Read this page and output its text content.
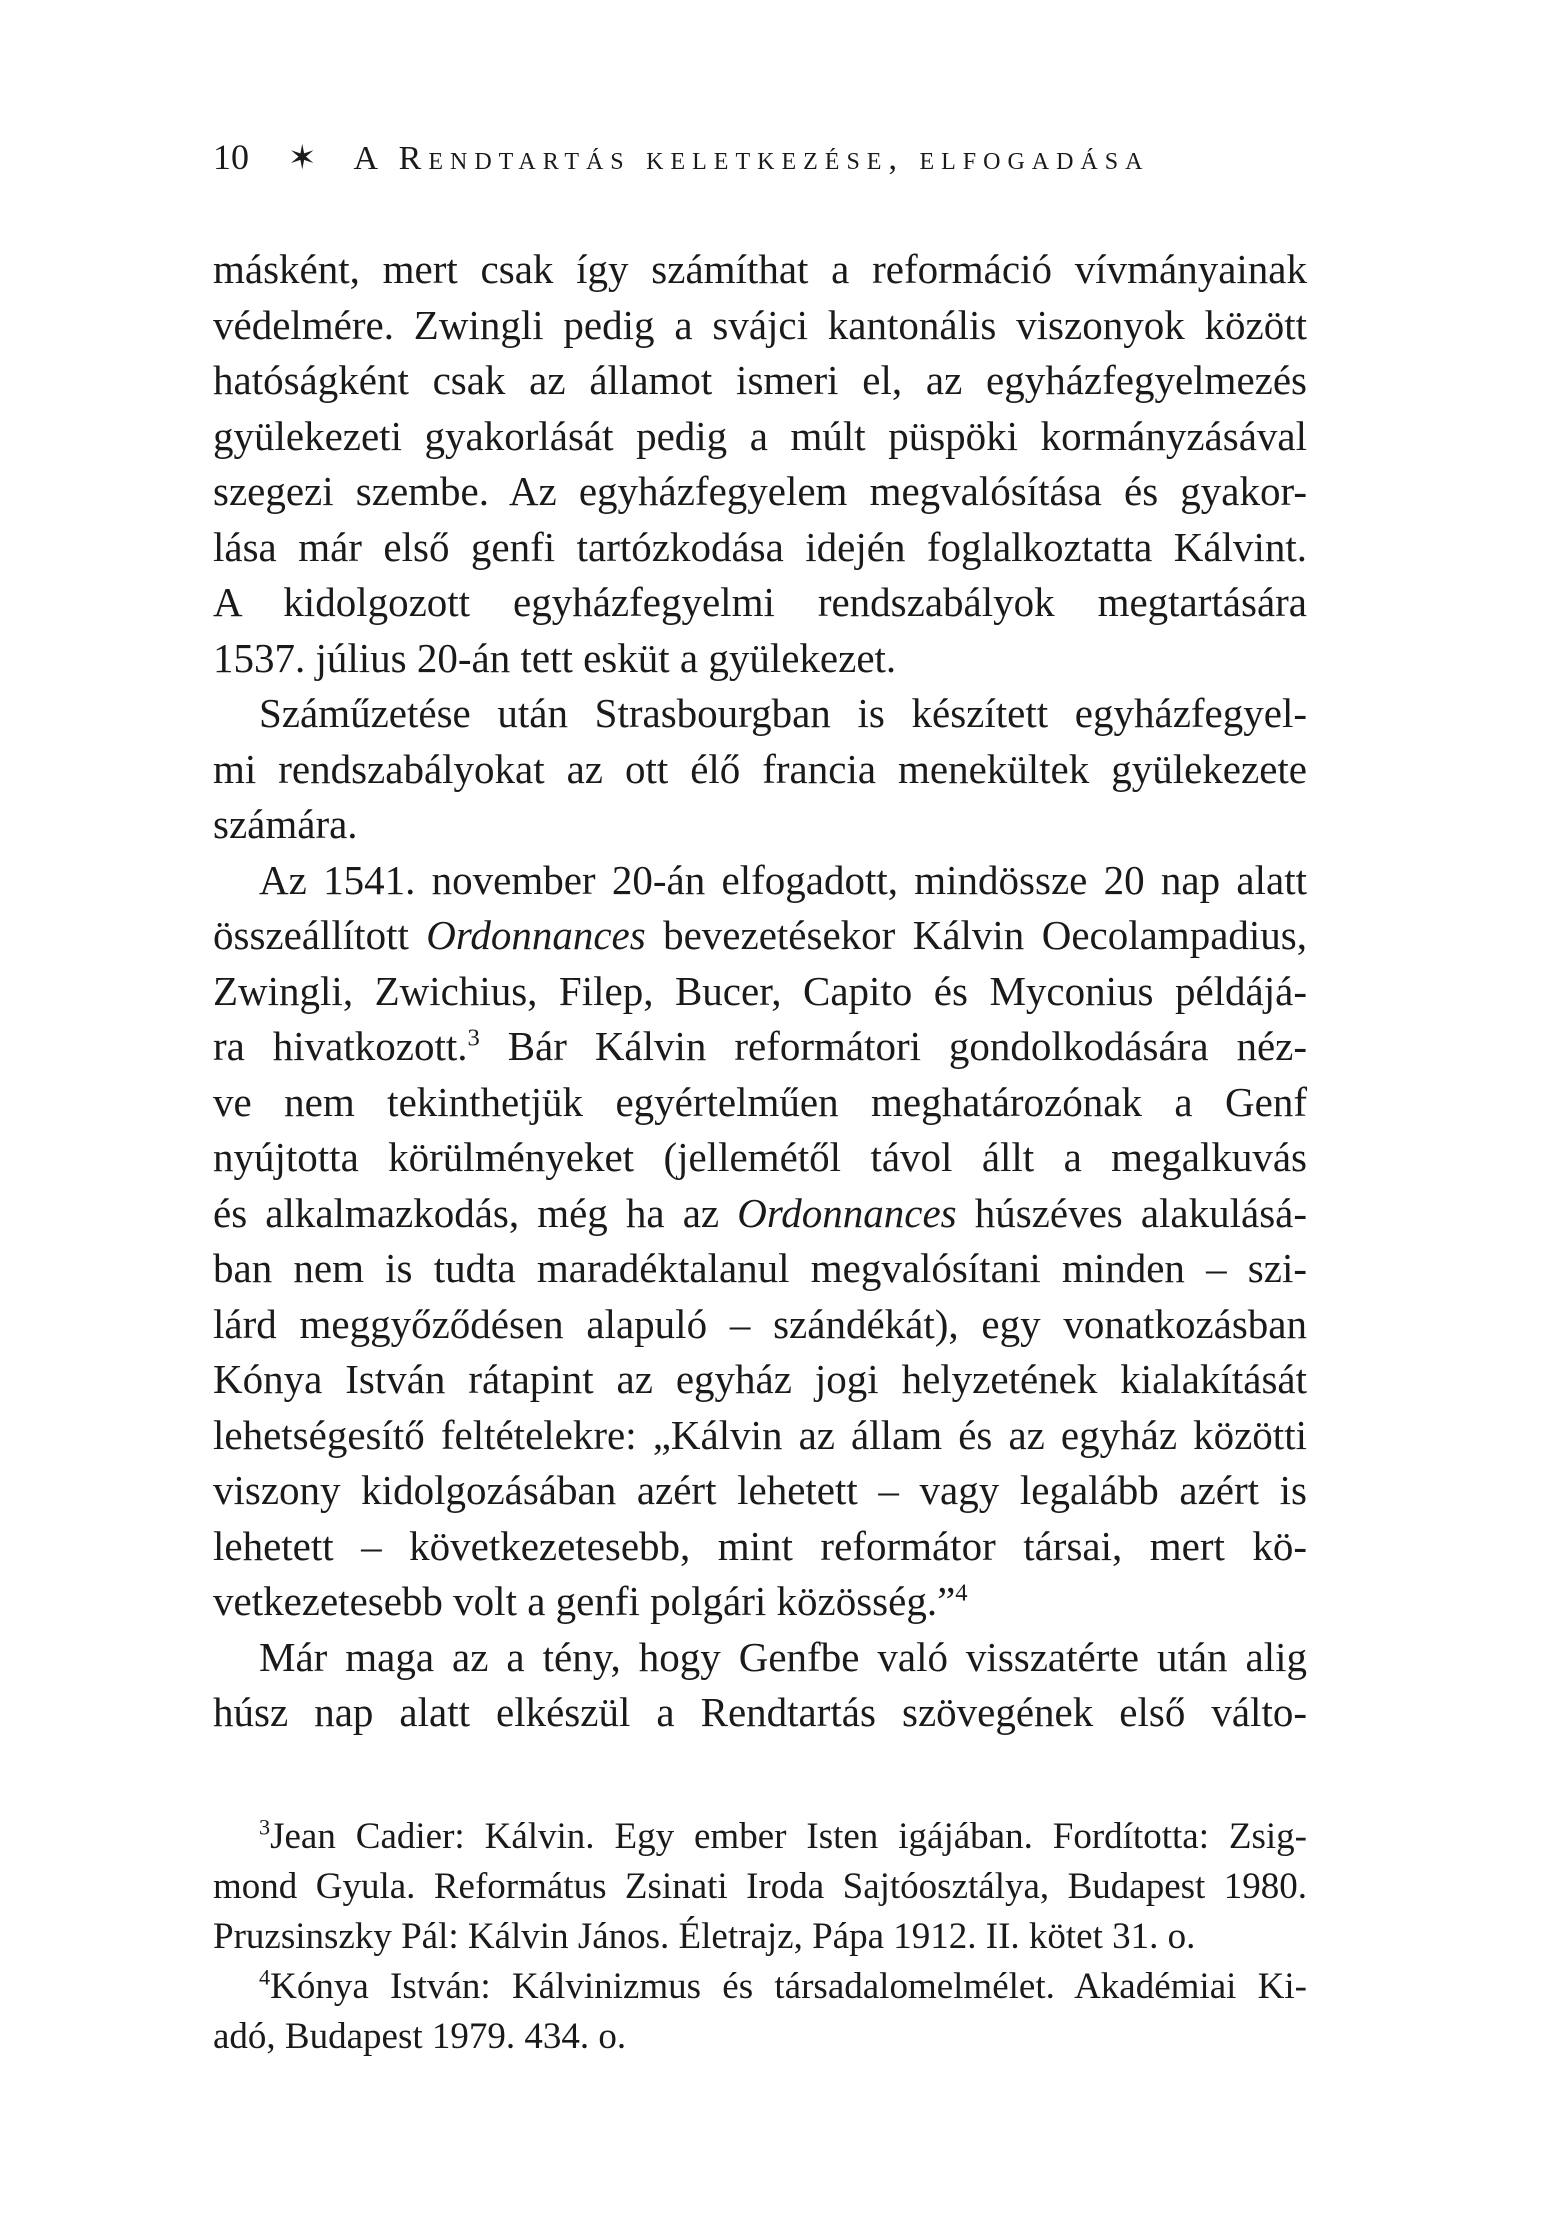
10 ✶ A Rendtartás keletkezése, elfogadása

másként, mert csak így számíthat a reformáció vívmányainak
védelmére. Zwingli pedig a svájci kantonális viszonyok között
hatóságként csak az államot ismeri el, az egyházfegyelmezés
gyülekezeti gyakorlását pedig a múlt püspöki kormányzásával
szegezi szembe. Az egyházfegyelem megvalósítása és gyakor-
lása már első genfi tartózkodása idején foglalkoztatta Kálvint.
A kidolgozott egyházfegyelmi rendszabályok megtartására
1537. július 20-án tett esküt a gyülekezet.

Száműzetése után Strasbourgban is készített egyházfegyel-
mi rendszabályokat az ott élő francia menekültek gyülekezete
számára.

Az 1541. november 20-án elfogadott, mindössze 20 nap alatt
összeállított Ordonnances bevezetésekor Kálvin Oecolampadius,
Zwingli, Zwichius, Filep, Bucer, Capito és Myconius példájá-
ra hivatkozott.$^3$ Bár Kálvin reformátori gondolkodására néz-
ve nem tekinthetjük egyértelműen meghatározónak a Genf
nyújtotta körülményeket (jellemétől távol állt a megalkuvás
és alkalmazkodás, még ha az Ordonnances húszéves alakulásá-
ban nem is tudta maradéktalanul megvalósítani minden – szi-
lárd meggyőződésen alapuló – szándékát), egy vonatkozásban
Kónya István rátapint az egyház jogi helyzetének kialakítását
lehetségesítő feltételekre: „Kálvin az állam és az egyház közötti
viszony kidolgozásában azért lehetett – vagy legalább azért is
lehetett – következetesebb, mint reformátor társai, mert kö-
vetkezetesebb volt a genfi polgári közösség.”$^4$

Már maga az a tény, hogy Genfbe való visszatérte után alig
húsz nap alatt elkészül a Rendtartás szövegének első válto-

$^3$Jean Cadier: Kálvin. Egy ember Isten igájában. Fordította: Zsig-
mond Gyula. Református Zsinati Iroda Sajtóosztálya, Budapest 1980.
Pruzsinszky Pál: Kálvin János. Életrajz, Pápa 1912. II. kötet 31. o.

$^4$Kónya István: Kálvinizmus és társadalomelmélet. Akadémiai Ki-
adó, Budapest 1979. 434. o.
